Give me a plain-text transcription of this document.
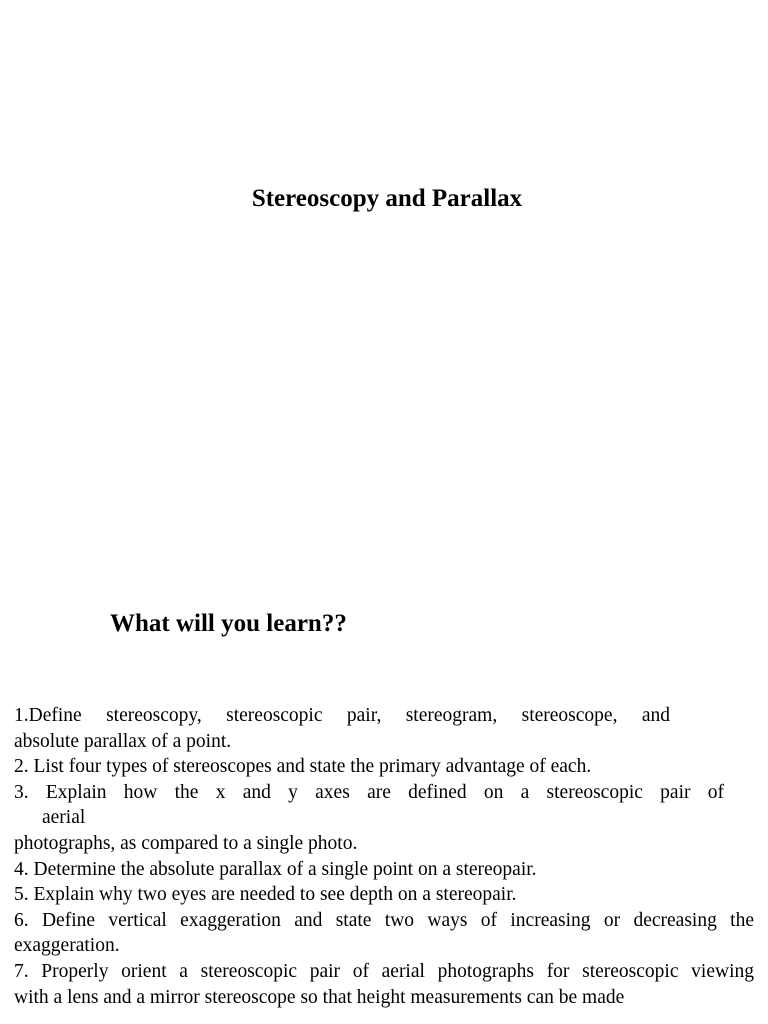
Stereoscopy and Parallax
What will you learn??
1.Define stereoscopy, stereoscopic pair, stereogram, stereoscope, and
absolute parallax of a point.
2. List four types of stereoscopes and state the primary advantage of each.
3. Explain how the x and y axes are defined on a stereoscopic pair of
aerial
photographs, as compared to a single photo.
4. Determine the absolute parallax of a single point on a stereopair.
5. Explain why two eyes are needed to see depth on a stereopair.
6. Define vertical exaggeration and state two ways of increasing or decreasing the
exaggeration.
7. Properly orient a stereoscopic pair of aerial photographs for stereoscopic viewing
with a lens and a mirror stereoscope so that height measurements can be made
